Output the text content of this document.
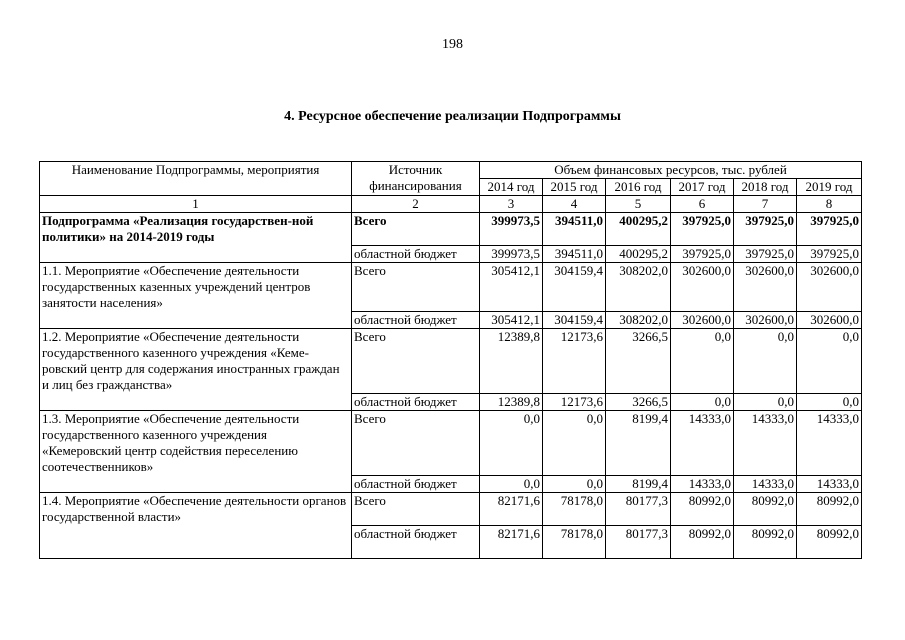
198
4. Ресурсное обеспечение реализации Подпрограммы
Наименование Подпрограммы, мероприятия	Источник финансирования	Объем финансовых ресурсов, тыс. рублей					
		2014 год	2015 год	2016 год	2017 год	2018 год	2019 год
1	2	3	4	5	6	7	8
Подпрограмма «Реализация государствен-ной политики» на 2014-2019 годы	Всего	399973,5	394511,0	400295,2	397925,0	397925,0	397925,0
	областной бюджет	399973,5	394511,0	400295,2	397925,0	397925,0	397925,0
1.1. Мероприятие «Обеспечение деятельности государственных казенных учреждений центров занятости населения»	Всего	305412,1	304159,4	308202,0	302600,0	302600,0	302600,0
	областной бюджет	305412,1	304159,4	308202,0	302600,0	302600,0	302600,0
1.2. Мероприятие «Обеспечение деятельности государственного казенного учреждения «Кеме-ровский центр для содержания иностранных граждан и лиц без гражданства»	Всего	12389,8	12173,6	3266,5	0,0	0,0	0,0
	областной бюджет	12389,8	12173,6	3266,5	0,0	0,0	0,0
1.3. Мероприятие «Обеспечение деятельности государственного казенного учреждения «Кемеровский центр содействия переселению соотечественников»	Всего	0,0	0,0	8199,4	14333,0	14333,0	14333,0
	областной бюджет	0,0	0,0	8199,4	14333,0	14333,0	14333,0
1.4. Мероприятие «Обеспечение деятельности органов государственной власти»	Всего	82171,6	78178,0	80177,3	80992,0	80992,0	80992,0
	областной бюджет	82171,6	78178,0	80177,3	80992,0	80992,0	80992,0
